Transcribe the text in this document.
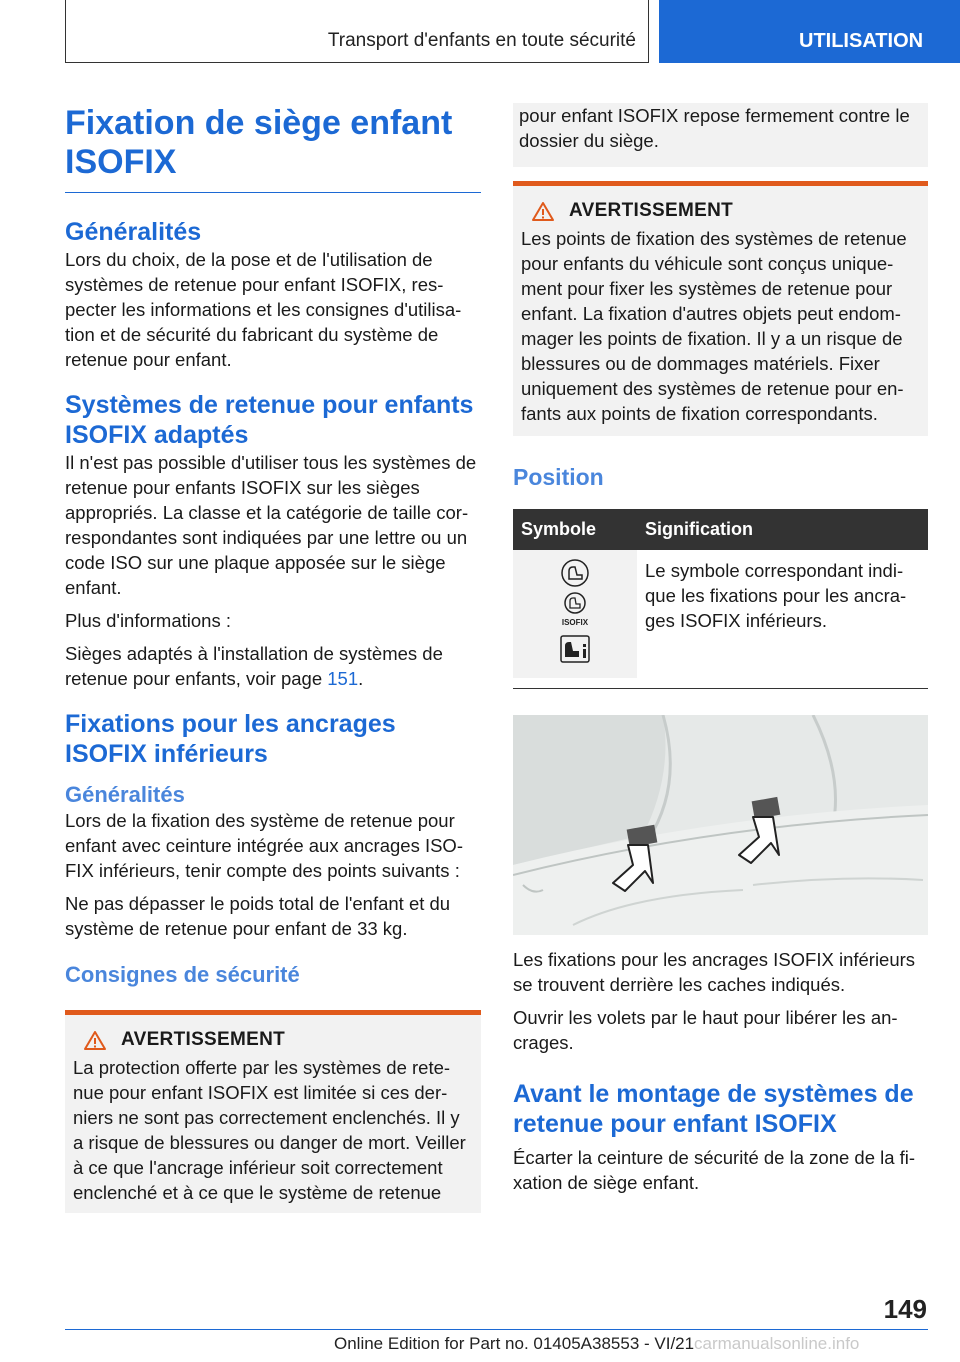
Transport d'enfants en toute sécurité	UTILISATION
Fixation de siège enfant ISOFIX
Généralités

Lors du choix, de la pose et de l'utilisation de systèmes de retenue pour enfant ISOFIX, respecter les informations et les consignes d'utilisation et de sécurité du fabricant du système de retenue pour enfant.

Systèmes de retenue pour enfants ISOFIX adaptés

Il n'est pas possible d'utiliser tous les systèmes de retenue pour enfants ISOFIX sur les sièges appropriés. La classe et la catégorie de taille correspondantes sont indiquées par une lettre ou un code ISO sur une plaque apposée sur le siège enfant.

Plus d'informations :

Sièges adaptés à l'installation de systèmes de retenue pour enfants, voir page 151.

Fixations pour les ancrages ISOFIX inférieurs
Généralités

Lors de la fixation des système de retenue pour enfant avec ceinture intégrée aux ancrages ISOFIX inférieurs, tenir compte des points suivants :

Ne pas dépasser le poids total de l'enfant et du système de retenue pour enfant de 33 kg.

Consignes de sécurité
AVERTISSEMENT

La protection offerte par les systèmes de retenue pour enfant ISOFIX est limitée si ces derniers ne sont pas correctement enclenchés. Il y a risque de blessures ou danger de mort. Veiller à ce que l'ancrage inférieur soit correctement enclenché et à ce que le système de retenue

pour enfant ISOFIX repose fermement contre le dossier du siège.

AVERTISSEMENT

Les points de fixation des systèmes de retenue pour enfants du véhicule sont conçus uniquement pour fixer les systèmes de retenue pour enfant. La fixation d'autres objets peut endommager les points de fixation. Il y a un risque de blessures ou de dommages matériels. Fixer uniquement des systèmes de retenue pour enfants aux points de fixation correspondants.

Position
Symbole	Signification

ISOFIX	Le symbole correspondant indique les fixations pour les ancrages ISOFIX inférieurs.

Les fixations pour les ancrages ISOFIX inférieurs se trouvent derrière les caches indiqués.

Ouvrir les volets par le haut pour libérer les ancrages.

Avant le montage de systèmes de retenue pour enfant ISOFIX

Écarter la ceinture de sécurité de la zone de la fixation de siège enfant.

149
Online Edition for Part no. 01405A38553 - VI/21 carmanualsonline.info
